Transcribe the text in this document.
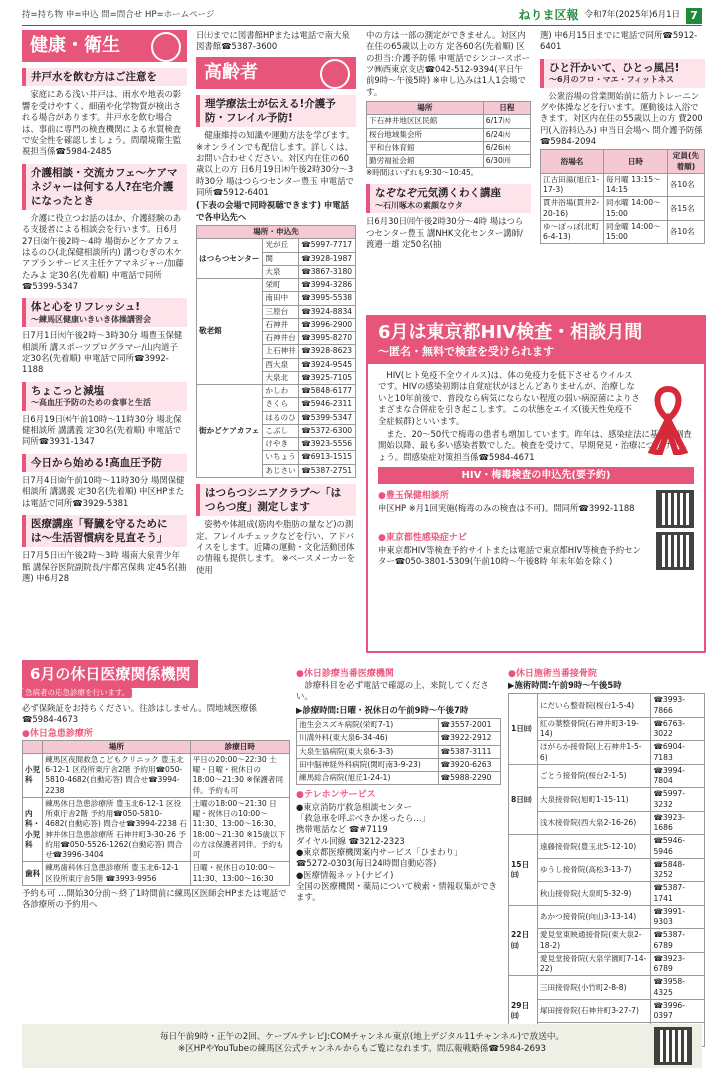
持=持ち物 申=申込 問=問合せ HP=ホームページ	ねりま区報 令和7年(2025年)6月1日 7
健康・衛生
井戸水を飲む方はご注意を

家庭にある浅い井戸は、雨水や地表の影響を受けやすく、細菌や化学物質が検出される場合があります。井戸水を飲む場合は、事前に専門の検査機関による水質検査で安全性を確認しましょう。問環境衛生監視担当係☎5984-2485

介護相談・交流カフェ〜ケアマネジャーは何する人?在宅介護になったとき

介護に役立つお話のほか、介護経験のある支援者による相談会を行います。日6月27日㈮午後2時〜4時 場街かどケアカフェはるのひ(北保健相談所内) 講つむぎの木ケアプランサービス主任ケアマネジャー/加藤たみよ 定30名(先着順) 申電話で同所☎5399-5347

体と心をリフレッシュ!
〜練馬区健康いきいき体操講習会

日7月1日㈫午後2時〜3時30分 場豊玉保健相談所 講スポーツプログラマー/山内道子 定30名(先着順) 申電話で同所☎3992-1188

ちょこっと減塩
〜高血圧予防のための食事と生活

日6月19日㈭午前10時〜11時30分 場北保健相談所 講講義 定30名(先着順) 申電話で同所☎3931-1347

今日から始める!高血圧予防

日7月4日㈮午前10時〜11時30分 場関保健相談所 講講義 定30名(先着順) 申区HPまたは電話で同所☎3929-5381

医療講座「腎臓を守るためには〜生活習慣病を見直そう」

日7月5日㈯午後2時〜3時 場南大泉青少年館 講保谷医院副院長/宇都宮保典 定45名(抽選) 申6月28

日㈯までに図書館HPまたは電話で南大泉図書館☎5387-3600

高齢者
理学療法士が伝える!介護予防・フレイル予防!

健康維持の知識や運動方法を学びます。※オンラインでも配信します。詳しくは、お問い合わせください。対区内在住の60歳以上の方 日6月19日㈭午後2時30分〜3時30分 場はつらつセンター豊玉 申電話で同所☎5912-6401

(下表の会場で同時視聴できます) 申電話で各申込先へ

場所・申込先		
はつらつセンター	光が丘	☎5997-7717
	関	☎3928-1987
	大泉	☎3867-3180
敬老館	栄町	☎3994-3286
	南田中	☎3995-5538
	三原台	☎3924-8834
	石神井	☎3996-2900
	石神井台	☎3995-8270
	上石神井	☎3928-8623
	西大泉	☎3924-9545
	大泉北	☎3925-7105
街かどケアカフェ	かしわ	☎5848-6177
	さくら	☎5946-2311
	はるのひ	☎5399-5347
	こぶし	☎5372-6300
	けやき	☎3923-5556
	いちょう	☎6913-1515
	あじさい	☎5387-2751
はつらつシニアクラブ〜「はつらつ度」測定します

姿勢や体組成(筋肉や脂肪の量など)の測定、フレイルチェックなどを行い、アドバイスをします。近隣の運動・文化活動団体の情報も提供します。 ※ペースメーカーを使用

中の方は一部の測定ができません。対区内在住の65歳以上の方 定各60名(先着順) 区の担当:介護予防係 申電話でシンコースポーツ㈱西東京支店☎042-512-9394(平日午前9時〜午後5時) ※申し込みは1人1会場です。

場所	日程
下石神井地区区民館	6/17㈫
桜台地域集会所	6/24㈫
平和台体育館	6/26㈭
勤労福祉会館	6/30㈪

※時間はいずれも9:30〜10:45。

なぞなぞ元気湧くわく講座
〜石川啄木の素顔なウタ

日6月30日㈪午後2時30分〜4時 場はつらつセンター豊玉 講NHK文化センター講師/渡邉一雄 定50名(抽

選) 申6月15日までに電話で同所☎5912-6401

ひと汗かいて、ひとっ風呂!
〜6月のフロ・マエ・フィットネス

公衆浴場の営業開始前に筋力トレーニングや体操などを行います。運動後は入浴できます。対区内在住の55歳以上の方 費200円(入浴料込み) 申当日会場へ 問介護予防係☎5984-2094

浴場名	日時	定員(先着順)
江古田湯(旭丘1-17-3)	毎月曜 13:15〜14:15	各10名
貫井浴場(貫井2-20-16)	同水曜 14:00〜15:00	各15名
ゆ〜ぽっぽ(北町6-4-13)	同金曜 14:00〜15:00	各10名
6月は東京都HIV検査・相談月間
〜匿名・無料で検査を受けられます

HIV(ヒト免疫不全ウイルス)は、体の免疫力を低下させるウイルスです。HIVの感染初期は自覚症状がほとんどありませんが、治療しないと10年前後で、普段なら病気にならない程度の弱い病原菌によりさまざまな合併症を引き起こします。この状態をエイズ(後天性免疫不全症候群)といいます。

また、20〜50代で梅毒の患者も増加しています。昨年は、感染症法に基づく調査開始以降、最も多い感染者数でした。検査を受けて、早期発見・治療につなげましょう。問感染症対策担当係☎5984-4671

HIV・梅毒検査の申込先(要予約)
●豊玉保健相談所

申区HP ※月1回実施(梅毒のみの検査は不可)。問同所☎3992-1188

●東京都性感染症ナビ

申東京都HIV等検査予約サイトまたは電話で東京都HIV等検査予約センター☎050-3801-5309(午前10時〜午後8時 年末年始を除く)

6月の休日医療関係機関 急病者の応急診療を行います。

必ず保険証をお持ちください。往診はしません。問地域医療係☎5984-4673

●休日急患診療所
	場所	診療日時
小児科	練馬区夜間救急こどもクリニック 豊玉北6-12-1 区役所東庁舎2階 予約用☎050-5810-4682(自動応答) 問合せ☎3994-2238	平日の20:00〜22:30 土曜・日曜・祝休日の18:00〜21:30 ※保護者同伴。予約も可
内科・小児科	練馬休日急患診療所 豊玉北6-12-1 区役所東庁舎2階 予約用☎050-5810-4682(自動応答) 問合せ☎3994-2238 石神井休日急患診療所 石神井町3-30-26 予約用☎050-5526-1262(自動応答) 問合せ☎3996-3404	土曜の18:00〜21:30 日曜・祝休日の10:00〜11:30、13:00〜16:30、18:00〜21:30 ※15歳以下の方は保護者同伴。予約も可
歯科	練馬歯科休日急患診療所 豊玉北6-12-1 区役所東庁舎5階 ☎3993-9956	日曜・祝休日の10:00〜11:30、13:00〜16:30

予約も可 …開始30分前〜終了1時間前に練馬区医師会HPまたは電話で各診療所の予約用へ

●休日診療当番医療機関

診療科目を必ず電話で確認の上、来院してください。

▶診療時間:日曜・祝休日の午前9時〜午後7時

池生会スズキ病院(栄町7-1)	☎3557-2001
川満外科(東大泉6-34-46)	☎3922-2912
大泉生協病院(東大泉6-3-3)	☎5387-3111
田中脳神経外科病院(関町南3-9-23)	☎3920-6263
練馬総合病院(旭丘1-24-1)	☎5988-2290
●テレホンサービス
●東京消防庁救急相談センター
「救急車を呼ぶべきか迷ったら…」
携帯電話など ☎#7119
ダイヤル回線 ☎3212-2323
●東京都医療機関案内サービス「ひまわり」
☎5272-0303(毎日24時間自動応答)
●医療情報ネット(ナビイ)
全国の医療機関・薬局について検索・情報収集ができます。
●休日施術当番接骨院

▶施術時間:午前9時〜午後5時

1日㈰	にだいら整骨院(桜台1-5-4)	☎3993-7866
	紅の葉整骨院(石神井町3-19-14)	☎6763-3022
	ほがらか接骨院(上石神井1-5-6)	☎6904-7183
8日㈰	ごとう接骨院(桜台2-1-5)	☎3994-7804
	大泉接骨院(旭町1-15-11)	☎5997-3232
	浅木接骨院(西大泉2-16-26)	☎3923-1686
15日㈰	遠藤接骨院(豊玉北5-12-10)	☎5946-5946
	ゆうし接骨院(高松3-13-7)	☎5848-3252
	秋山接骨院(大泉町5-32-9)	☎5387-1741
22日㈰	あかつ接骨院(向山3-13-14)	☎3991-9303
	愛見堂東映通接骨院(東大泉2-18-2)	☎5387-6789
	愛見堂接骨院(大泉学園町7-14-22)	☎3923-6789
29日㈰	三田接骨院(小竹町2-8-8)	☎3958-4325
	塚田接骨院(石神井町3-27-7)	☎3996-0397

毎日午前9時・正午の2回、ケーブルテレビJ:COMチャンネル東京(地上デジタル11チャンネル)で放送中。
※区HPやYouTubeの練馬区公式チャンネルからもご覧になれます。問広報戦略係☎5984-2693
